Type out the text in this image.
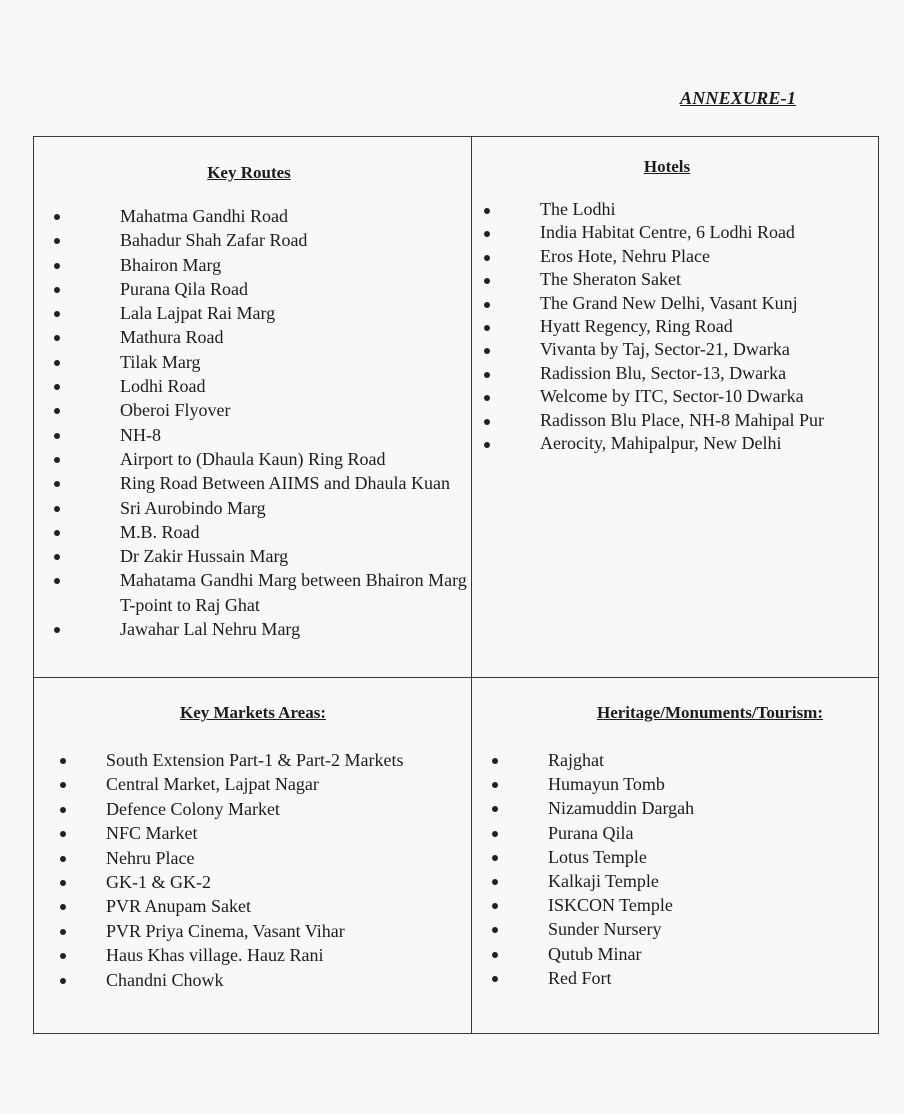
ANNEXURE-1
Key Routes
Mahatma Gandhi Road
Bahadur Shah Zafar Road
Bhairon Marg
Purana Qila Road
Lala Lajpat Rai Marg
Mathura Road
Tilak Marg
Lodhi Road
Oberoi Flyover
NH-8
Airport to (Dhaula Kaun) Ring Road
Ring Road Between AIIMS and Dhaula Kuan
Sri Aurobindo Marg
M.B. Road
Dr Zakir Hussain Marg
Mahatama Gandhi Marg between Bhairon Marg T-point to Raj Ghat
Jawahar Lal Nehru Marg
Hotels
The Lodhi
India Habitat Centre, 6 Lodhi Road
Eros Hote, Nehru Place
The Sheraton Saket
The Grand New Delhi, Vasant Kunj
Hyatt Regency, Ring Road
Vivanta by Taj, Sector-21, Dwarka
Radission Blu, Sector-13, Dwarka
Welcome by ITC, Sector-10 Dwarka
Radisson Blu Place, NH-8 Mahipal Pur
Aerocity, Mahipalpur, New Delhi
Key Markets Areas:
South Extension Part-1 & Part-2 Markets
Central Market, Lajpat Nagar
Defence Colony Market
NFC Market
Nehru Place
GK-1 & GK-2
PVR Anupam Saket
PVR Priya Cinema, Vasant Vihar
Haus Khas village. Hauz Rani
Chandni Chowk
Heritage/Monuments/Tourism:
Rajghat
Humayun Tomb
Nizamuddin Dargah
Purana Qila
Lotus Temple
Kalkaji Temple
ISKCON Temple
Sunder Nursery
Qutub Minar
Red Fort
